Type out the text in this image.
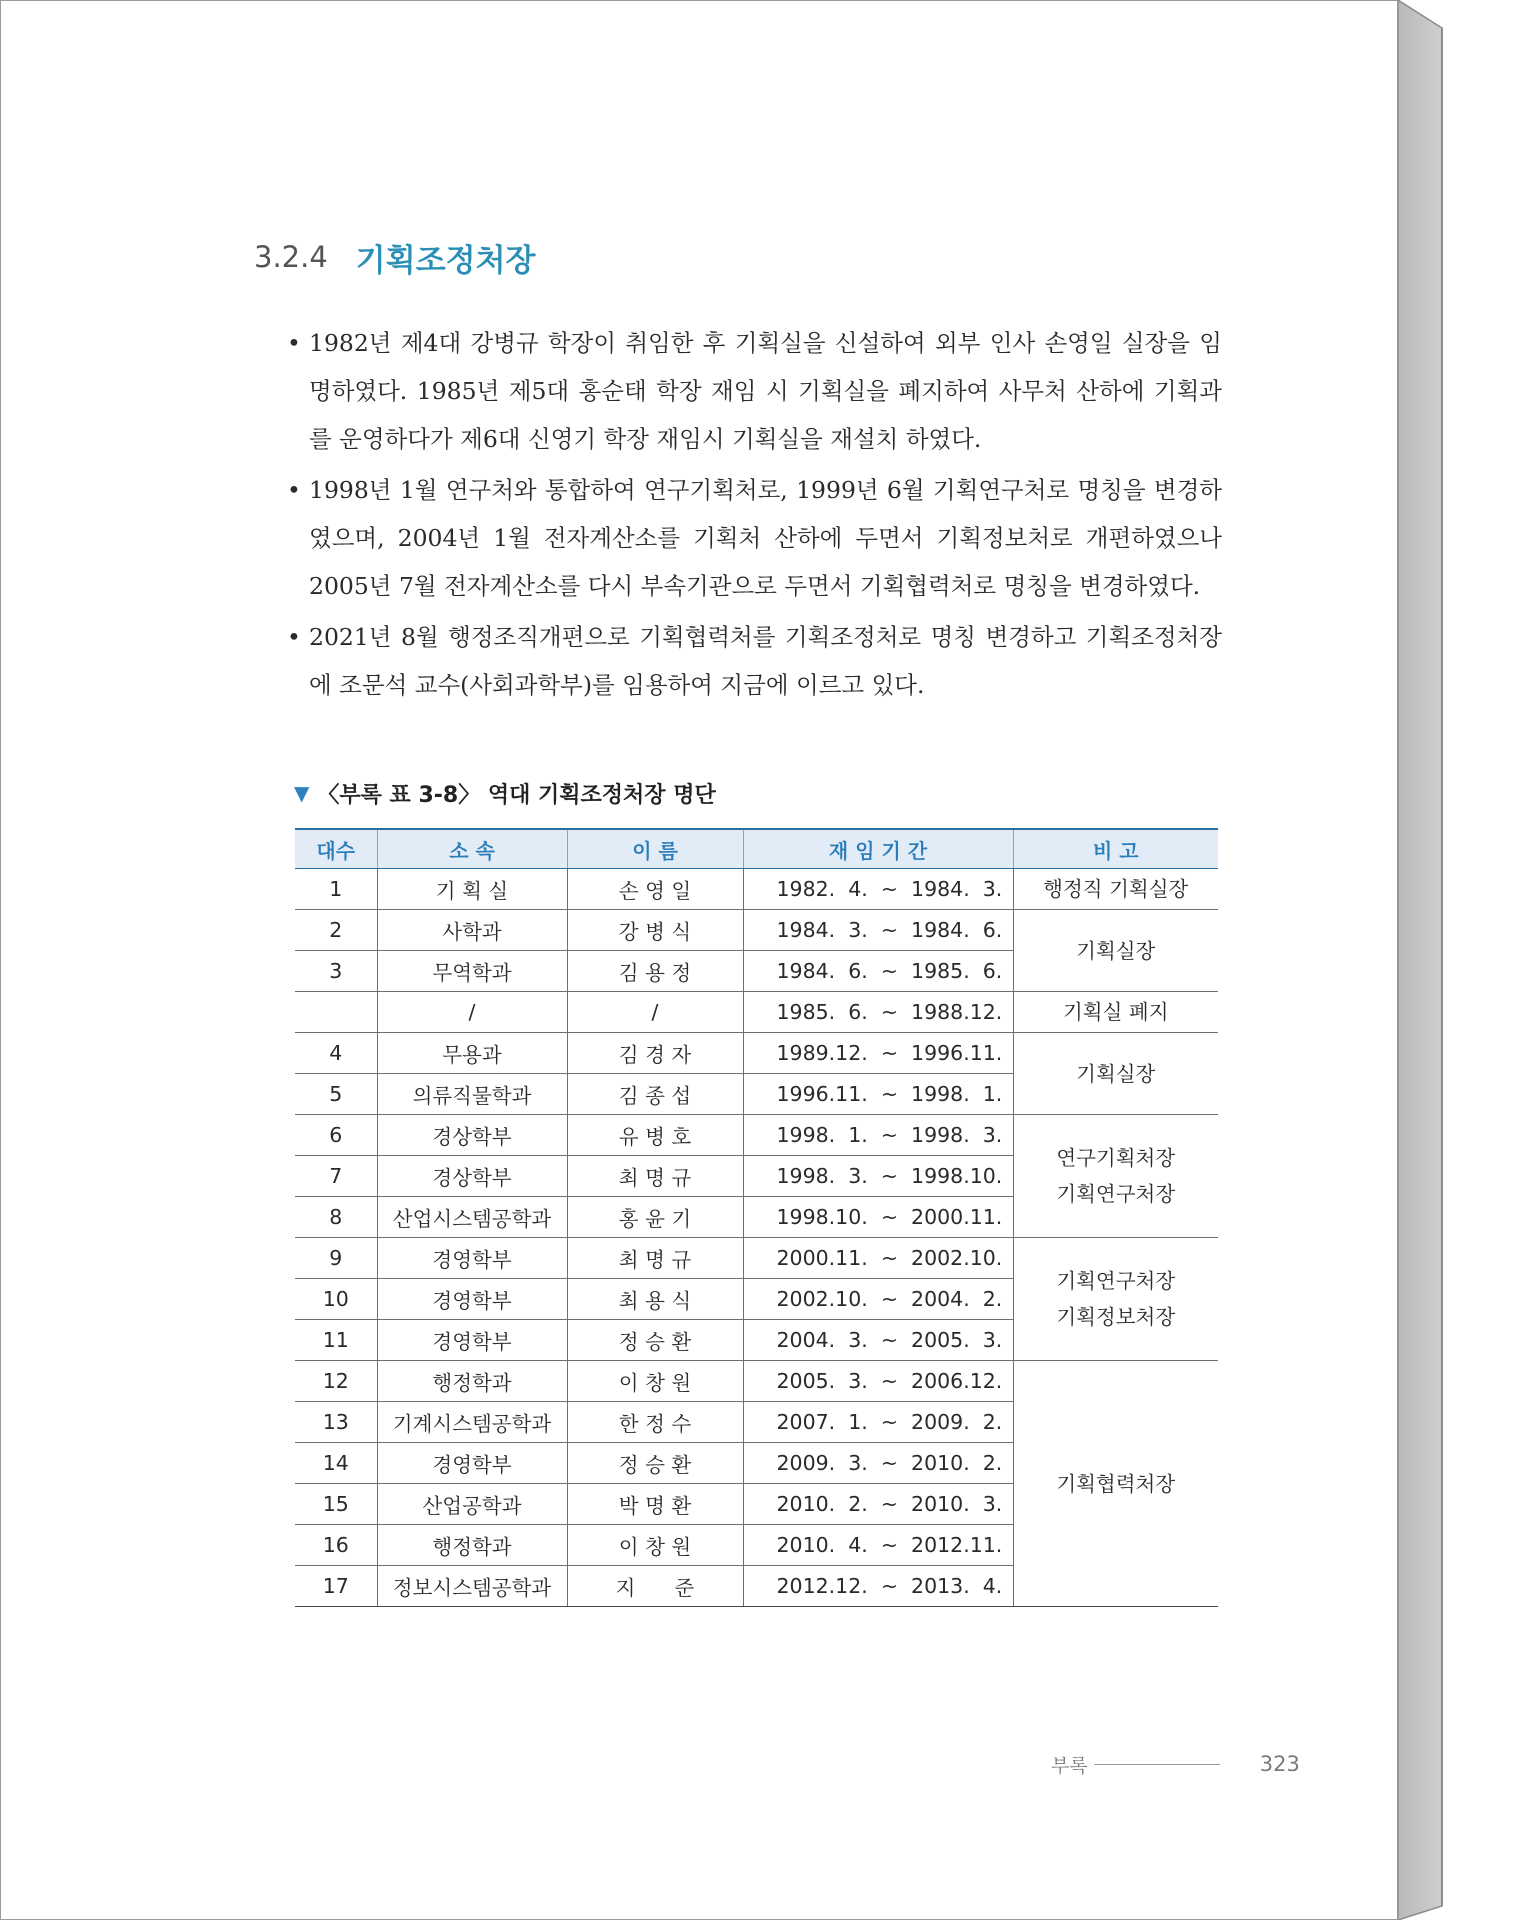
3.2.4 기획조정처장
• 1982년 제4대 강병규 학장이 취임한 후 기획실을 신설하여 외부 인사 손영일 실장을 임명하였다. 1985년 제5대 홍순태 학장 재임 시 기획실을 폐지하여 사무처 산하에 기획과를 운영하다가 제6대 신영기 학장 재임시 기획실을 재설치 하였다.
• 1998년 1월 연구처와 통합하여 연구기획처로, 1999년 6월 기획연구처로 명칭을 변경하였으며, 2004년 1월 전자계산소를 기획처 산하에 두면서 기획정보처로 개편하였으나 2005년 7월 전자계산소를 다시 부속기관으로 두면서 기획협력처로 명칭을 변경하였다.
• 2021년 8월 행정조직개편으로 기획협력처를 기획조정처로 명칭 변경하고 기획조정처장에 조문석 교수(사회과학부)를 임용하여 지금에 이르고 있다.
▼ 〈부록 표 3-8〉 역대 기획조정처장 명단
대수	소 속	이 름	재 임 기 간	비 고
1	기 획 실	손 영 일	1982.  4.  ~  1984.  3.	행정직 기획실장

2	사학과	강 병 식	1984.  3.  ~  1984.  6.	기획실장

3	무역학과	김 용 정	1984.  6.  ~  1985.  6.	
	/	/	1985.  6.  ~  1988.12.	기획실 폐지

4	무용과	김 경 자	1989.12.  ~  1996.11.	기획실장

5	의류직물학과	김 종 섭	1996.11.  ~  1998.  1.	
6	경상학부	유 병 호	1998.  1.  ~  1998.  3.	연구기획처장
기획연구처장

7	경상학부	최 명 규	1998.  3.  ~  1998.10.	
8	산업시스템공학과	홍 윤 기	1998.10.  ~  2000.11.	
9	경영학부	최 명 규	2000.11.  ~  2002.10.	기획연구처장
기획정보처장

10	경영학부	최 용 식	2002.10.  ~  2004.  2.	
11	경영학부	정 승 환	2004.  3.  ~  2005.  3.	
12	행정학과	이 창 원	2005.  3.  ~  2006.12.	기획협력처장

13	기계시스템공학과	한 정 수	2007.  1.  ~  2009.  2.	
14	경영학부	정 승 환	2009.  3.  ~  2010.  2.	
15	산업공학과	박 명 환	2010.  2.  ~  2010.  3.	
16	행정학과	이 창 원	2010.  4.  ~  2012.11.	
17	정보시스템공학과	지      준	2012.12.  ~  2013.  4.	
부록	323
